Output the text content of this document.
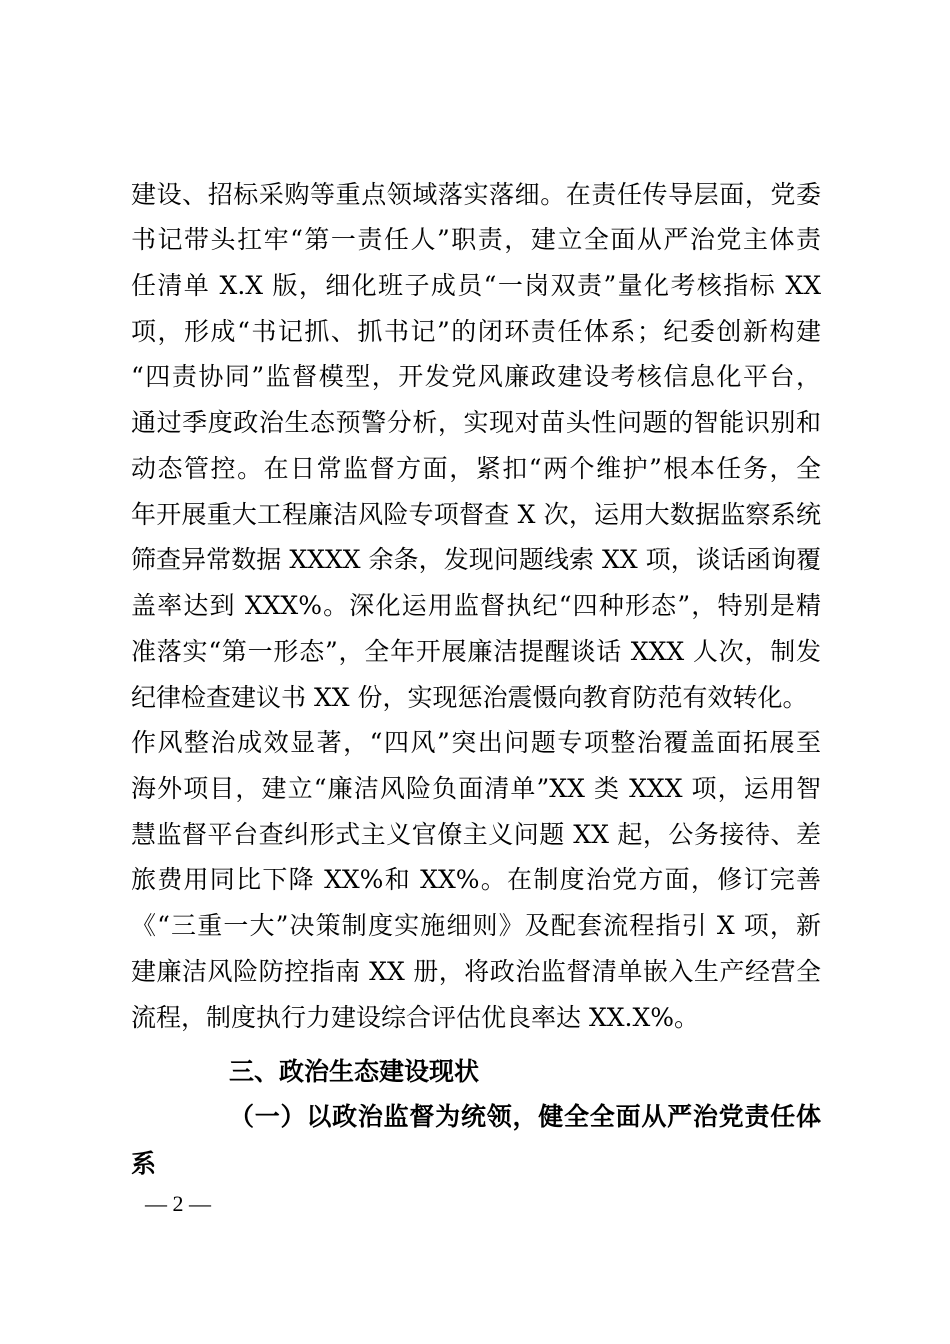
建设、招标采购等重点领域落实落细。在责任传导层面，党委
书记带头扛牢“第一责任人”职责，建立全面从严治党主体责
任清单 X.X 版，细化班子成员“一岗双责”量化考核指标 XX
项，形成“书记抓、抓书记”的闭环责任体系；纪委创新构建
“四责协同”监督模型，开发党风廉政建设考核信息化平台，
通过季度政治生态预警分析，实现对苗头性问题的智能识别和
动态管控。在日常监督方面，紧扣“两个维护”根本任务，全
年开展重大工程廉洁风险专项督查 X 次，运用大数据监察系统
筛查异常数据 XXXX 余条，发现问题线索 XX 项，谈话函询覆
盖率达到 XXX%。深化运用监督执纪“四种形态”，特别是精
准落实“第一形态”，全年开展廉洁提醒谈话 XXX 人次，制发
纪律检查建议书 XX 份，实现惩治震慑向教育防范有效转化。
作风整治成效显著，“四风”突出问题专项整治覆盖面拓展至
海外项目，建立“廉洁风险负面清单”XX 类 XXX 项，运用智
慧监督平台查纠形式主义官僚主义问题 XX 起，公务接待、差
旅费用同比下降 XX%和 XX%。在制度治党方面，修订完善
《“三重一大”决策制度实施细则》及配套流程指引 X 项，新
建廉洁风险防控指南 XX 册，将政治监督清单嵌入生产经营全
流程，制度执行力建设综合评估优良率达 XX.X%。
三、政治生态建设现状
（一）以政治监督为统领，健全全面从严治党责任体
系
— 2 —
